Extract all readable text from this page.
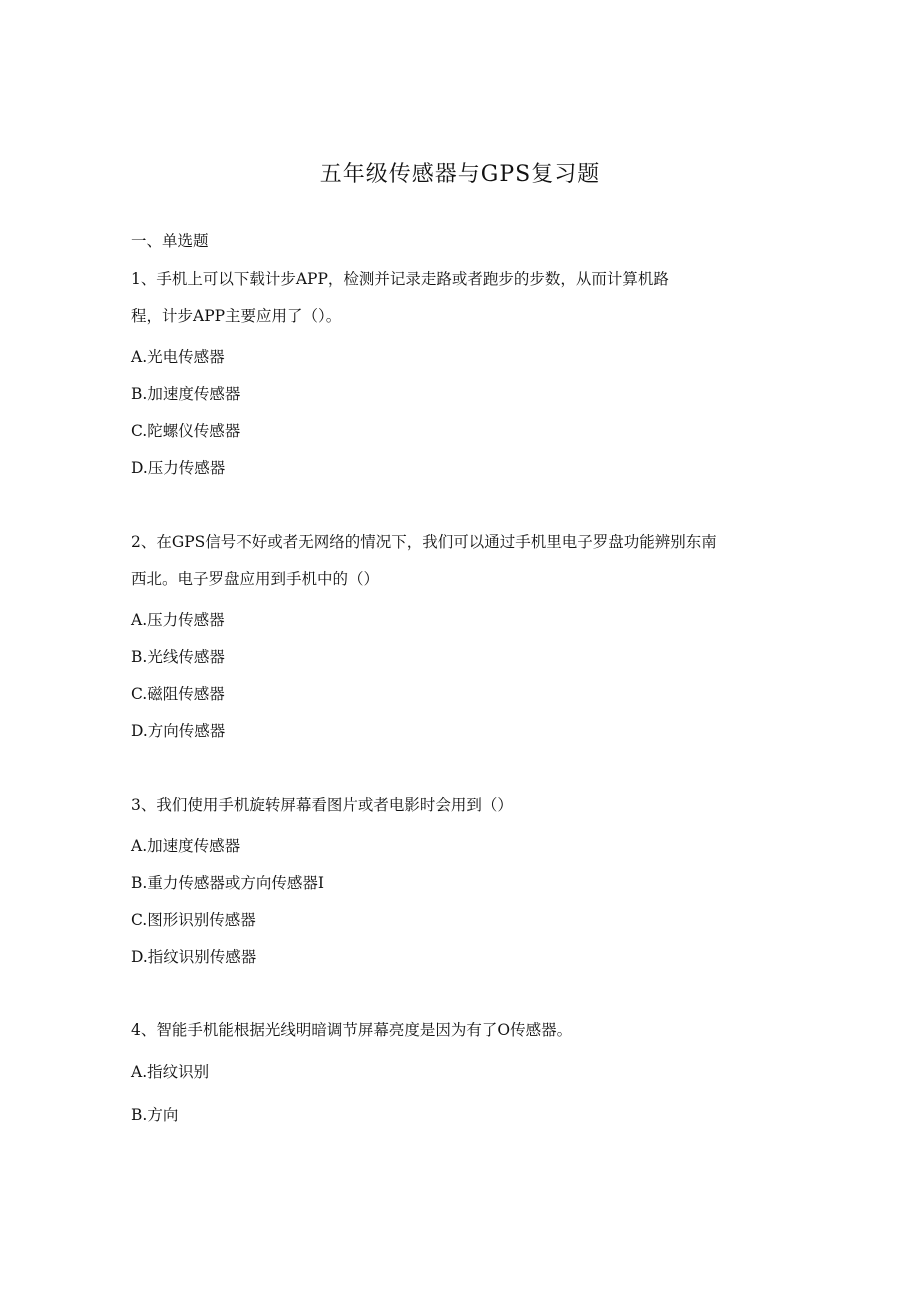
五年级传感器与GPS复习题
一、单选题
1、手机上可以下载计步APP，检测并记录走路或者跑步的步数，从而计算机路
程，计步APP主要应用了（）。
A.光电传感器
B.加速度传感器
C.陀螺仪传感器
D.压力传感器
2、在GPS信号不好或者无网络的情况下，我们可以通过手机里电子罗盘功能辨别东南
西北。电子罗盘应用到手机中的（）
A.压力传感器
B.光线传感器
C.磁阻传感器
D.方向传感器
3、我们使用手机旋转屏幕看图片或者电影时会用到（）
A.加速度传感器
B.重力传感器或方向传感器I
C.图形识别传感器
D.指纹识别传感器
4、智能手机能根据光线明暗调节屏幕亮度是因为有了O传感器。
A.指纹识别
B.方向
